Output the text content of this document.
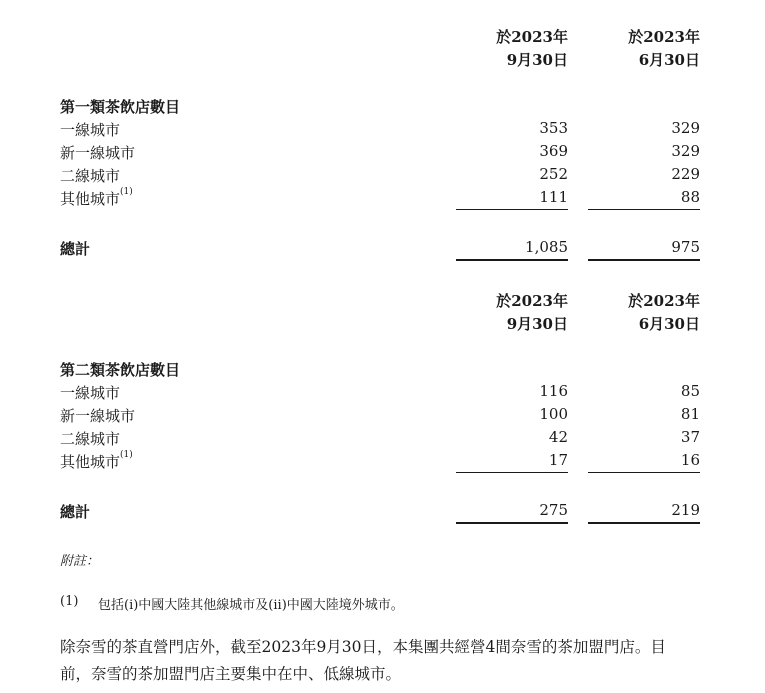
於2023年
9月30日
於2023年
6月30日
第一類茶飲店數目
一線城市	353	329
新一線城市	369	329
二線城市	252	229
其他城市$^{(1)}$	111	88
總計	1,085	975
於2023年
9月30日
於2023年
6月30日
第二類茶飲店數目
一線城市	116	85
新一線城市	100	81
二線城市	42	37
其他城市$^{(1)}$	17	16
總計	275	219
附註：
(1) 包括(i)中國大陸其他線城市及(ii)中國大陸境外城市。
除奈雪的茶直營門店外，截至2023年9月30日，本集團共經營4間奈雪的茶加盟門店。目
前，奈雪的茶加盟門店主要集中在中、低線城市。
